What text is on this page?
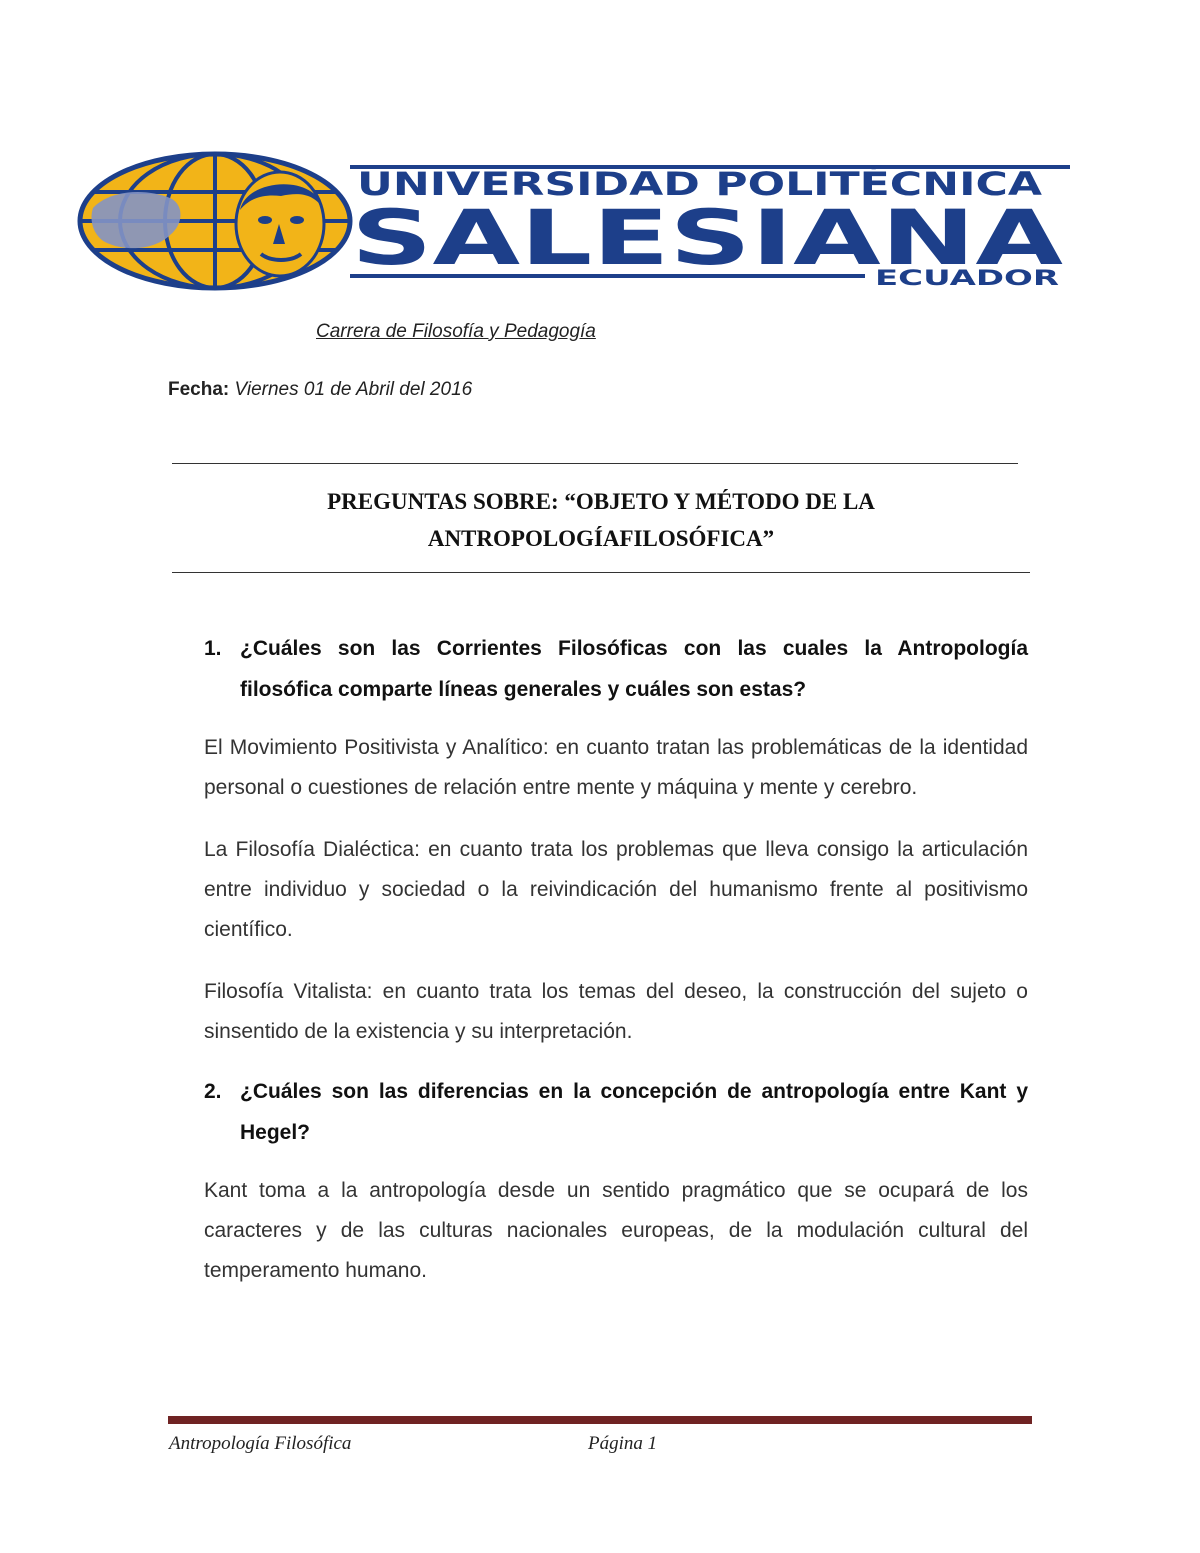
UNIVERSIDAD POLITÉCNICA
SALESIANA
ECUADOR
Carrera de Filosofía y Pedagogía
Fecha: Viernes 01 de Abril del 2016
PREGUNTAS SOBRE: “OBJETO Y MÉTODO DE LA
ANTROPOLOGÍAFILOSÓFICA”

1. ¿Cuáles son las Corrientes Filosóficas con las cuales la Antropología filosófica comparte líneas generales y cuáles son estas?

El Movimiento Positivista y Analítico: en cuanto tratan las problemáticas de la identidad personal o cuestiones de relación entre mente y máquina y mente y cerebro.

La Filosofía Dialéctica: en cuanto trata los problemas que lleva consigo la articulación entre individuo y sociedad o la reivindicación del humanismo frente al positivismo científico.

Filosofía Vitalista: en cuanto trata los temas del deseo, la construcción del sujeto o sinsentido de la existencia y su interpretación.

2. ¿Cuáles son las diferencias en la concepción de antropología entre Kant y Hegel?

Kant toma a la antropología desde un sentido pragmático que se ocupará de los caracteres y de las culturas nacionales europeas, de la modulación cultural del temperamento humano.

Antropología Filosófica	Página 1
